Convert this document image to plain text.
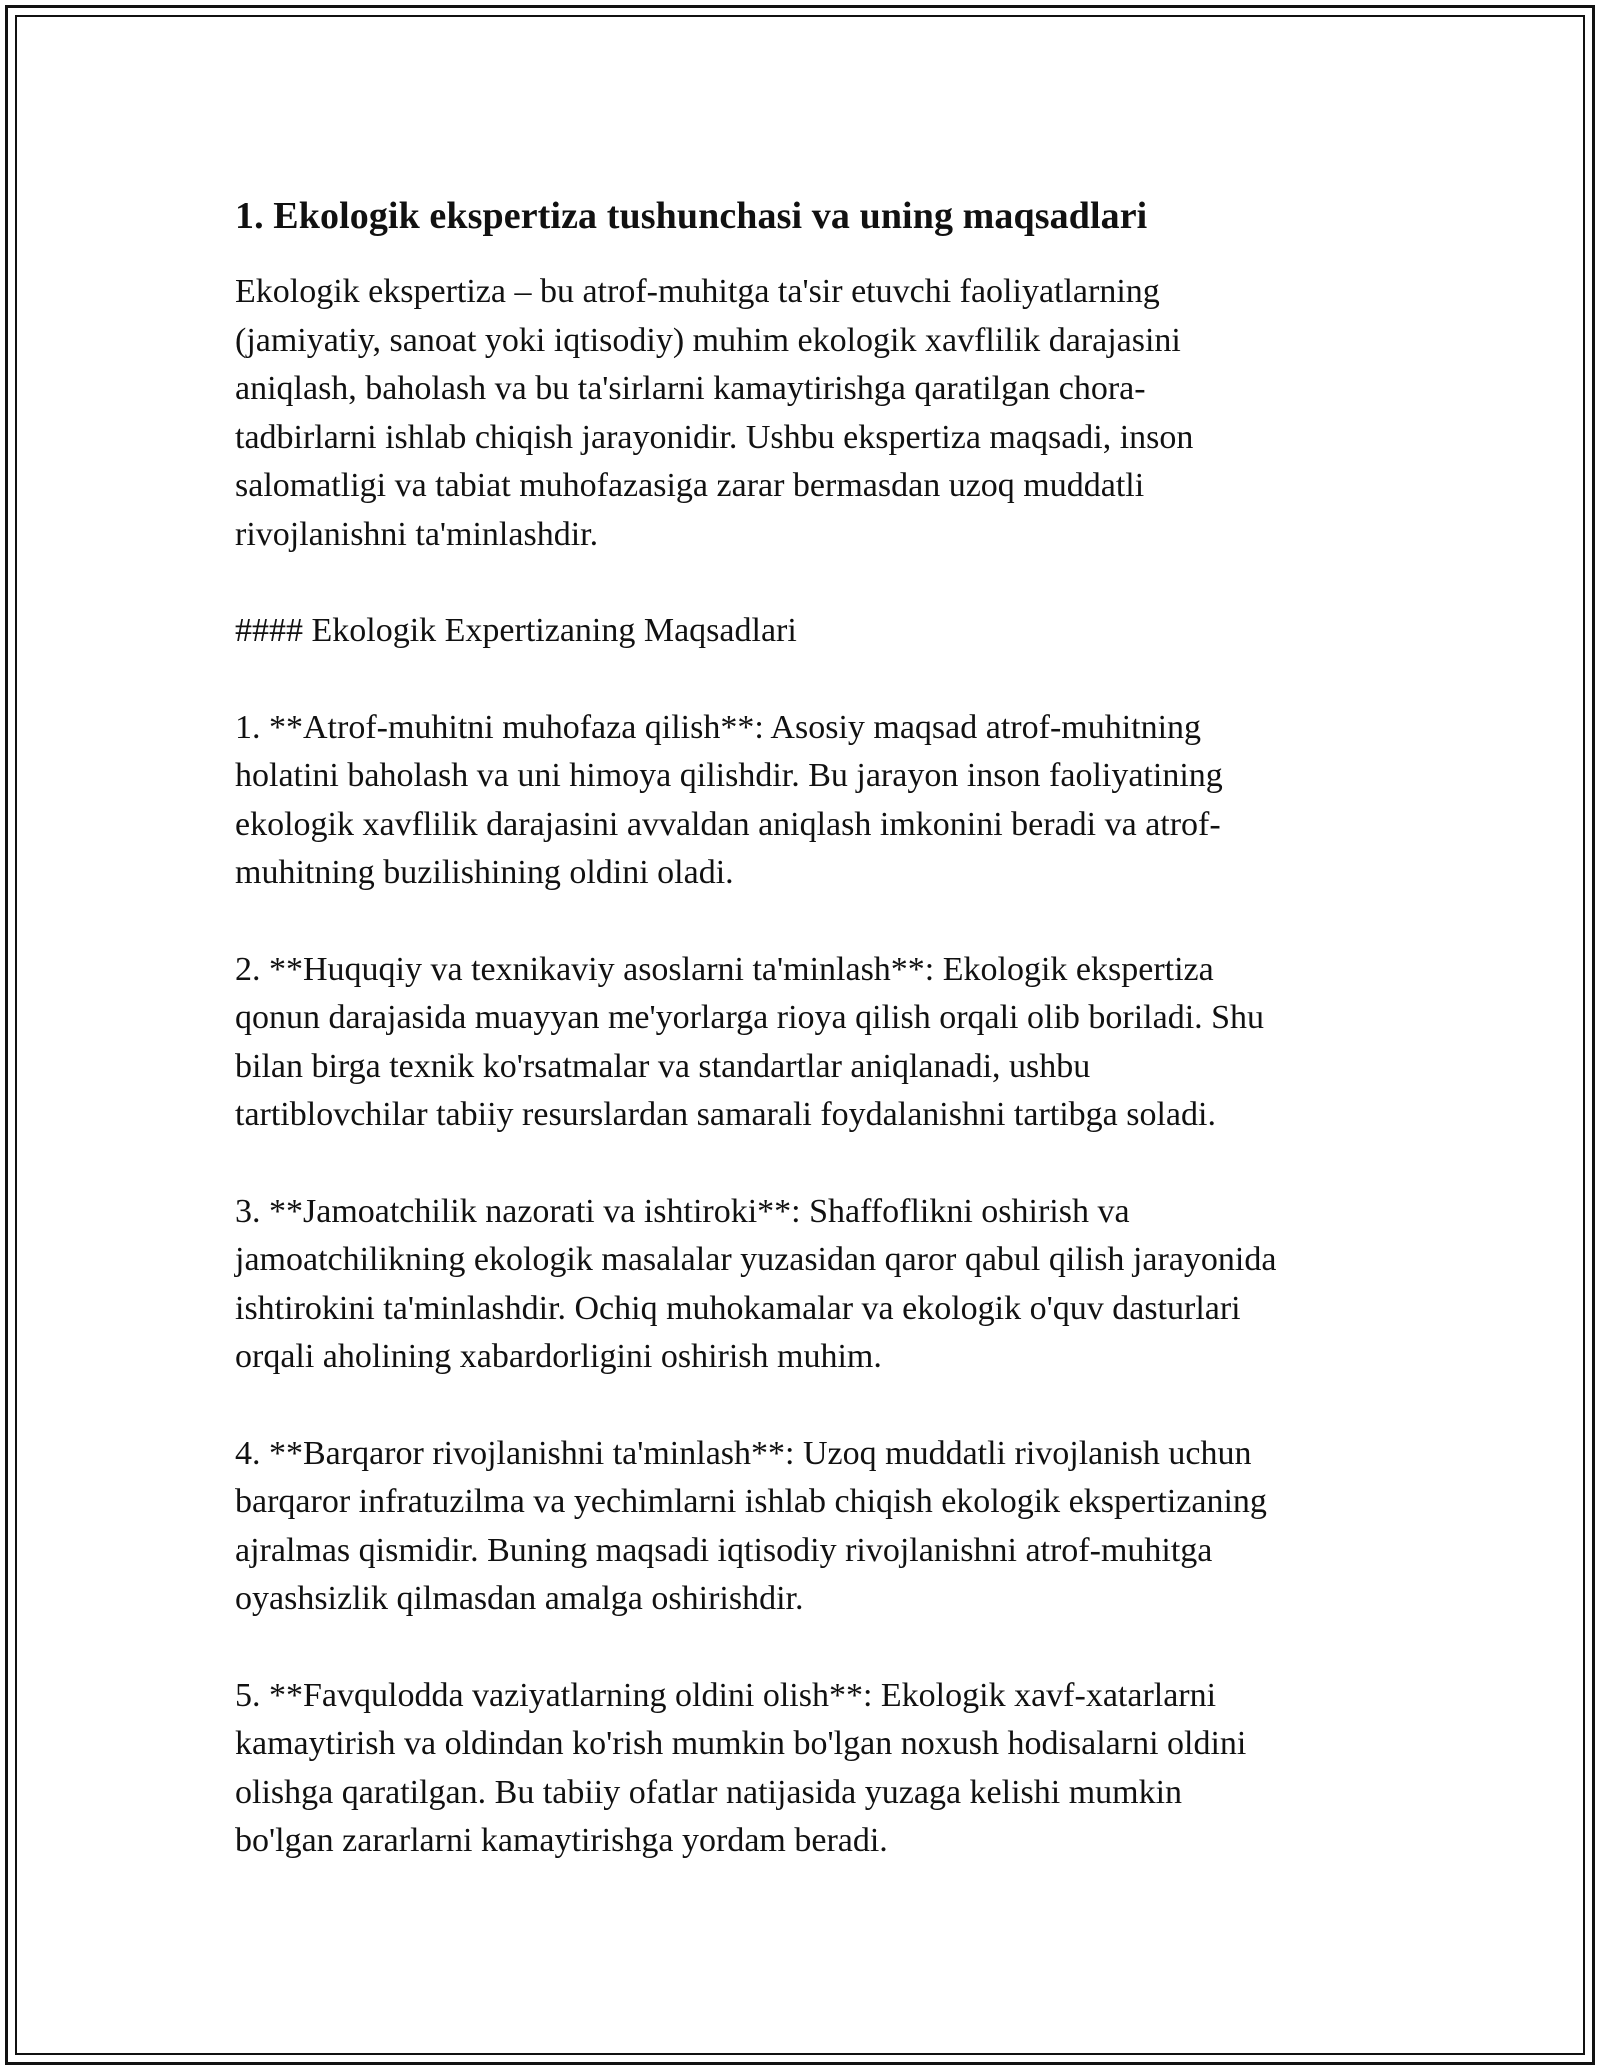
1. Ekologik ekspertiza tushunchasi va uning maqsadlari

Ekologik ekspertiza – bu atrof-muhitga ta'sir etuvchi faoliyatlarning
(jamiyatiy, sanoat yoki iqtisodiy) muhim ekologik xavflilik darajasini
aniqlash, baholash va bu ta'sirlarni kamaytirishga qaratilgan chora-
tadbirlarni ishlab chiqish jarayonidir. Ushbu ekspertiza maqsadi, inson
salomatligi va tabiat muhofazasiga zarar bermasdan uzoq muddatli
rivojlanishni ta'minlashdir.

#### Ekologik Expertizaning Maqsadlari

1. **Atrof-muhitni muhofaza qilish**: Asosiy maqsad atrof-muhitning
holatini baholash va uni himoya qilishdir. Bu jarayon inson faoliyatining
ekologik xavflilik darajasini avvaldan aniqlash imkonini beradi va atrof-
muhitning buzilishining oldini oladi.

2. **Huquqiy va texnikaviy asoslarni ta'minlash**: Ekologik ekspertiza
qonun darajasida muayyan me'yorlarga rioya qilish orqali olib boriladi. Shu
bilan birga texnik ko'rsatmalar va standartlar aniqlanadi, ushbu
tartiblovchilar tabiiy resurslardan samarali foydalanishni tartibga soladi.

3. **Jamoatchilik nazorati va ishtiroki**: Shaffoflikni oshirish va
jamoatchilikning ekologik masalalar yuzasidan qaror qabul qilish jarayonida
ishtirokini ta'minlashdir. Ochiq muhokamalar va ekologik o'quv dasturlari
orqali aholining xabardorligini oshirish muhim.

4. **Barqaror rivojlanishni ta'minlash**: Uzoq muddatli rivojlanish uchun
barqaror infratuzilma va yechimlarni ishlab chiqish ekologik ekspertizaning
ajralmas qismidir. Buning maqsadi iqtisodiy rivojlanishni atrof-muhitga
oyashsizlik qilmasdan amalga oshirishdir.

5. **Favqulodda vaziyatlarning oldini olish**: Ekologik xavf-xatarlarni
kamaytirish va oldindan ko'rish mumkin bo'lgan noxush hodisalarni oldini
olishga qaratilgan. Bu tabiiy ofatlar natijasida yuzaga kelishi mumkin
bo'lgan zararlarni kamaytirishga yordam beradi.
